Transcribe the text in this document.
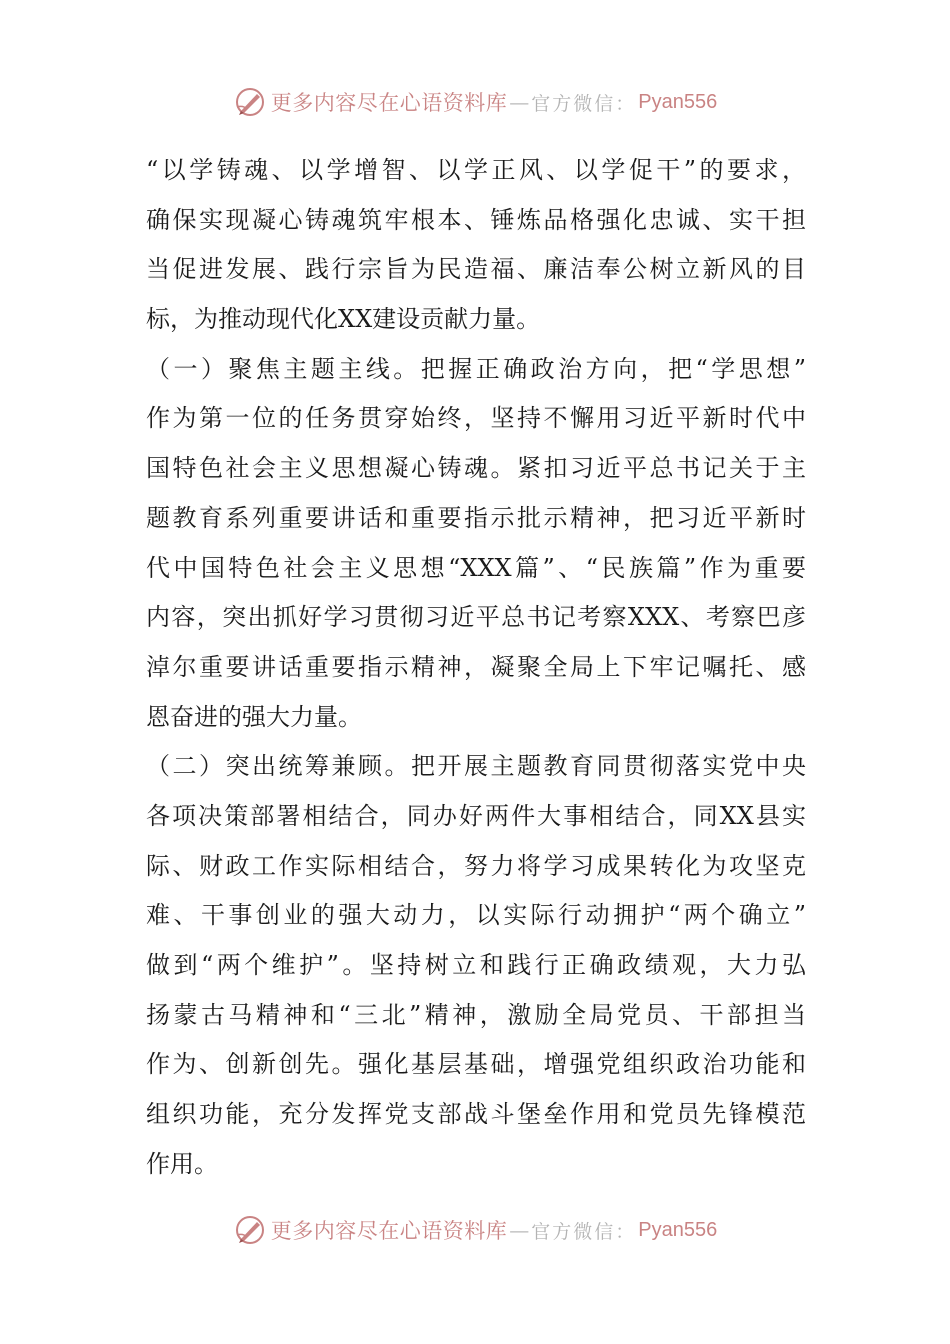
更多内容尽在心语资料库 — 官方微信： Pyan556
“以学铸魂、以学增智、以学正风、以学促干”的要求，
确保实现凝心铸魂筑牢根本、锤炼品格强化忠诚、实干担
当促进发展、践行宗旨为民造福、廉洁奉公树立新风的目
标，为推动现代化XX建设贡献力量。
（一）聚焦主题主线。把握正确政治方向，把“学思想”
作为第一位的任务贯穿始终，坚持不懈用习近平新时代中
国特色社会主义思想凝心铸魂。紧扣习近平总书记关于主
题教育系列重要讲话和重要指示批示精神，把习近平新时
代中国特色社会主义思想“XXX篇”、“民族篇”作为重要
内容，突出抓好学习贯彻习近平总书记考察XXX、考察巴彦
淖尔重要讲话重要指示精神，凝聚全局上下牢记嘱托、感
恩奋进的强大力量。
（二）突出统筹兼顾。把开展主题教育同贯彻落实党中央
各项决策部署相结合，同办好两件大事相结合，同XX县实
际、财政工作实际相结合，努力将学习成果转化为攻坚克
难、干事创业的强大动力，以实际行动拥护“两个确立”
做到“两个维护”。坚持树立和践行正确政绩观，大力弘
扬蒙古马精神和“三北”精神，激励全局党员、干部担当
作为、创新创先。强化基层基础，增强党组织政治功能和
组织功能，充分发挥党支部战斗堡垒作用和党员先锋模范
作用。
更多内容尽在心语资料库 — 官方微信： Pyan556
